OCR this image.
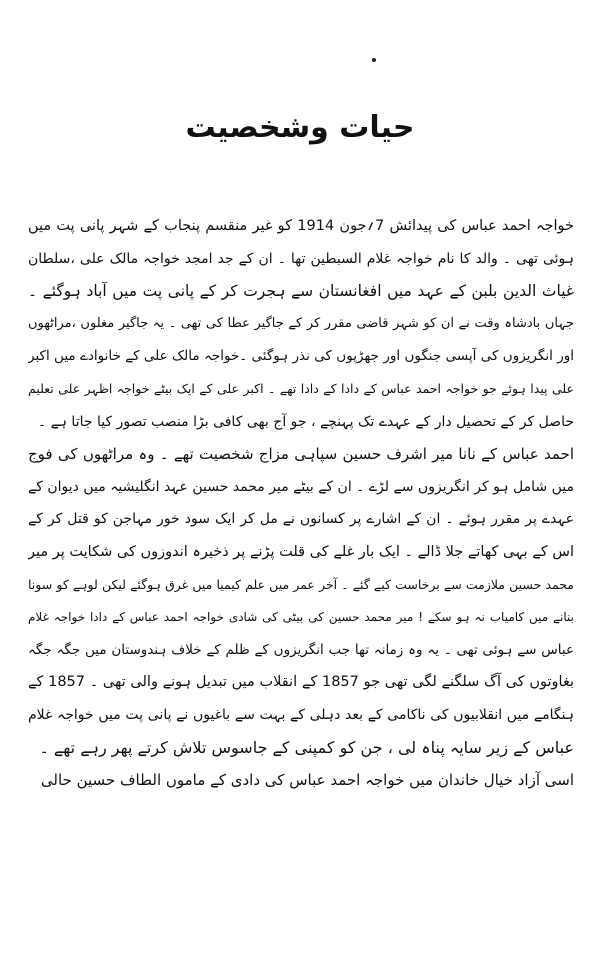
حیات وشخصیت
خواجہ احمد عباس کی پیدائش 7؍جون 1914 کو غیر منقسم پنجاب کے شہر پانی پت میں
ہوئی تھی ۔ والد کا نام خواجہ غلام السبطین تھا ۔ ان کے جد امجد خواجہ مالک علی ،سلطان
غیاث الدین بلبن کے عہد میں افغانستان سے ہجرت کر کے پانی پت میں آباد ہوگئے ۔
جہاں بادشاہ وقت نے ان کو شہر قاضی مقرر کر کے جاگیر عطا کی تھی ۔ یہ جاگیر مغلوں ،مراٹھوں
اور انگریزوں کی آپسی جنگوں اور جھڑپوں کی نذر ہوگئی ۔خواجہ مالک علی کے خانوادے میں اکبر
علی پیدا ہوئے جو خواجہ احمد عباس کے دادا کے دادا تھے ۔ اکبر علی کے ایک بیٹے خواجہ اظہر علی تعلیم
حاصل کر کے تحصیل دار کے عہدے تک پہنچے ، جو آج بھی کافی بڑا منصب تصور کیا جاتا ہے ۔
احمد عباس کے نانا میر اشرف حسین سپاہی مزاج شخصیت تھے ۔ وہ مراٹھوں کی فوج
میں شامل ہو کر انگریزوں سے لڑے ۔ ان کے بیٹے میر محمد حسین عہد انگلیشیہ میں دیوان کے
عہدے پر مقرر ہوئے ۔ ان کے اشارے پر کسانوں نے مل کر ایک سود خور مہاجن کو قتل کر کے
اس کے بہی کھاتے جلا ڈالے ۔ ایک بار غلے کی قلت پڑنے پر ذخیرہ اندوزوں کی شکایت پر میر
محمد حسین ملازمت سے برخاست کیے گئے ۔ آخر عمر میں علم کیمیا میں غرق ہوگئے لیکن لوہے کو سونا
بنانے میں کامیاب نہ ہو سکے ! میر محمد حسین کی بیٹی کی شادی خواجہ احمد عباس کے دادا خواجہ غلام
عباس سے ہوئی تھی ۔ یہ وہ زمانہ تھا جب انگریزوں کے ظلم کے خلاف ہندوستان میں جگہ جگہ
بغاوتوں کی آگ سلگنے لگی تھی جو 1857 کے انقلاب میں تبدیل ہونے والی تھی ۔ 1857 کے
ہنگامے میں انقلابیوں کی ناکامی کے بعد دہلی کے بہت سے باغیوں نے پانی پت میں خواجہ غلام
عباس کے زیر سایہ پناہ لی ، جن کو کمپنی کے جاسوس تلاش کرتے پھر رہے تھے ۔
اسی آزاد خیال خاندان میں خواجہ احمد عباس کی دادی کے ماموں الطاف حسین حالی
